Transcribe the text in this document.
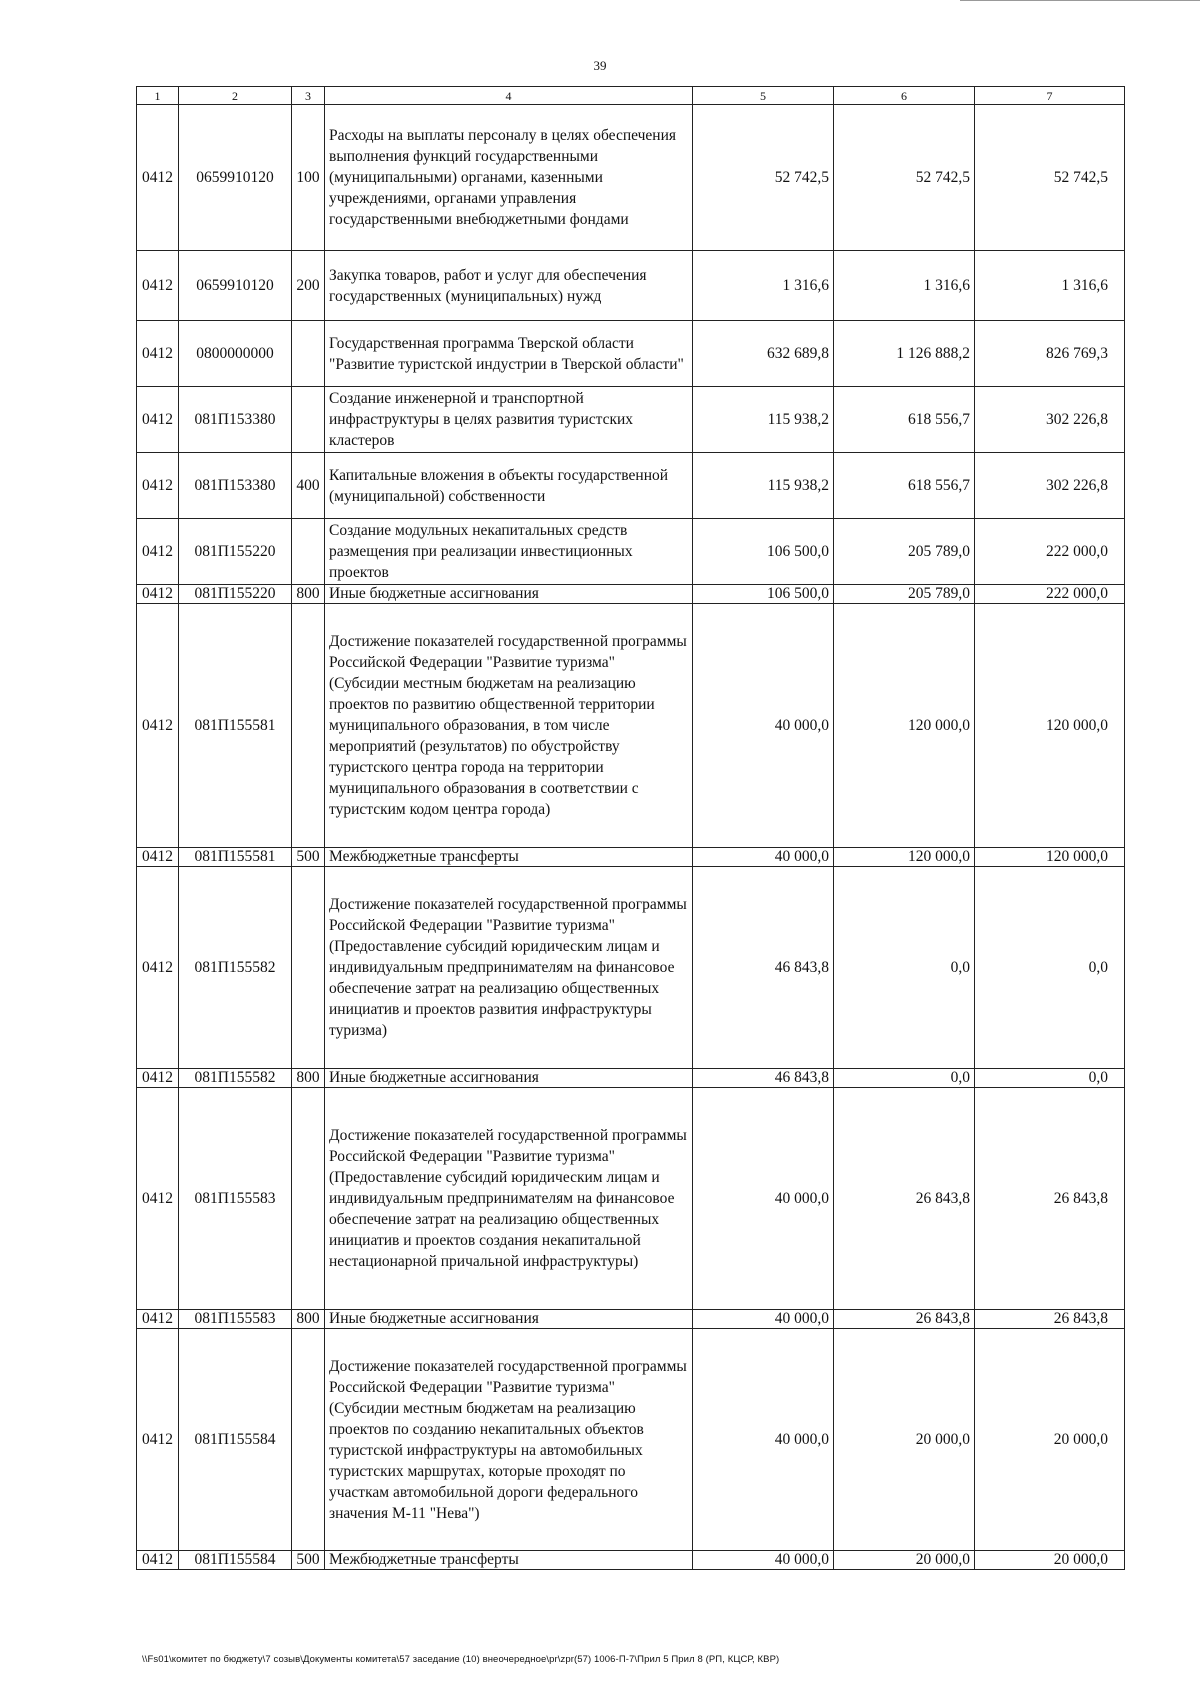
39
1	2	3	4	5	6	7
0412	0659910120	100	Расходы на выплаты персоналу в целях обеспечения выполнения функций государственными (муниципальными) органами, казенными учреждениями, органами управления государственными внебюджетными фондами	52 742,5	52 742,5	52 742,5
0412	0659910120	200	Закупка товаров, работ и услуг для обеспечения государственных (муниципальных) нужд	1 316,6	1 316,6	1 316,6
0412	0800000000		Государственная программа Тверской области "Развитие туристской индустрии в Тверской области"	632 689,8	1 126 888,2	826 769,3
0412	081П153380		Создание инженерной и транспортной инфраструктуры в целях развития туристских кластеров	115 938,2	618 556,7	302 226,8
0412	081П153380	400	Капитальные вложения в объекты государственной (муниципальной) собственности	115 938,2	618 556,7	302 226,8
0412	081П155220		Создание модульных некапитальных средств размещения при реализации инвестиционных проектов	106 500,0	205 789,0	222 000,0
0412	081П155220	800	Иные бюджетные ассигнования	106 500,0	205 789,0	222 000,0
0412	081П155581		Достижение показателей государственной программы Российской Федерации "Развитие туризма" (Субсидии местным бюджетам на реализацию проектов по развитию общественной территории муниципального образования, в том числе мероприятий (результатов) по обустройству туристского центра города на территории муниципального образования в соответствии с туристским кодом центра города)	40 000,0	120 000,0	120 000,0
0412	081П155581	500	Межбюджетные трансферты	40 000,0	120 000,0	120 000,0
0412	081П155582		Достижение показателей государственной программы Российской Федерации "Развитие туризма" (Предоставление субсидий юридическим лицам и индивидуальным предпринимателям на финансовое обеспечение затрат на реализацию общественных инициатив и проектов развития инфраструктуры туризма)	46 843,8	0,0	0,0
0412	081П155582	800	Иные бюджетные ассигнования	46 843,8	0,0	0,0
0412	081П155583		Достижение показателей государственной программы Российской Федерации "Развитие туризма" (Предоставление субсидий юридическим лицам и индивидуальным предпринимателям на финансовое обеспечение затрат на реализацию общественных инициатив и проектов создания некапитальной нестационарной причальной инфраструктуры)	40 000,0	26 843,8	26 843,8
0412	081П155583	800	Иные бюджетные ассигнования	40 000,0	26 843,8	26 843,8
0412	081П155584		Достижение показателей государственной программы Российской Федерации "Развитие туризма" (Субсидии местным бюджетам на реализацию проектов по созданию некапитальных объектов туристской инфраструктуры на автомобильных туристских маршрутах, которые проходят по участкам автомобильной дороги федерального значения М-11 "Нева")	40 000,0	20 000,0	20 000,0
0412	081П155584	500	Межбюджетные трансферты	40 000,0	20 000,0	20 000,0
\\Fs01\комитет по бюджету\7 созыв\Документы комитета\57 заседание (10) внеочередное\pr\zpr(57) 1006-П-7\Прил 5 Прил 8 (РП, КЦСР, КВР)
